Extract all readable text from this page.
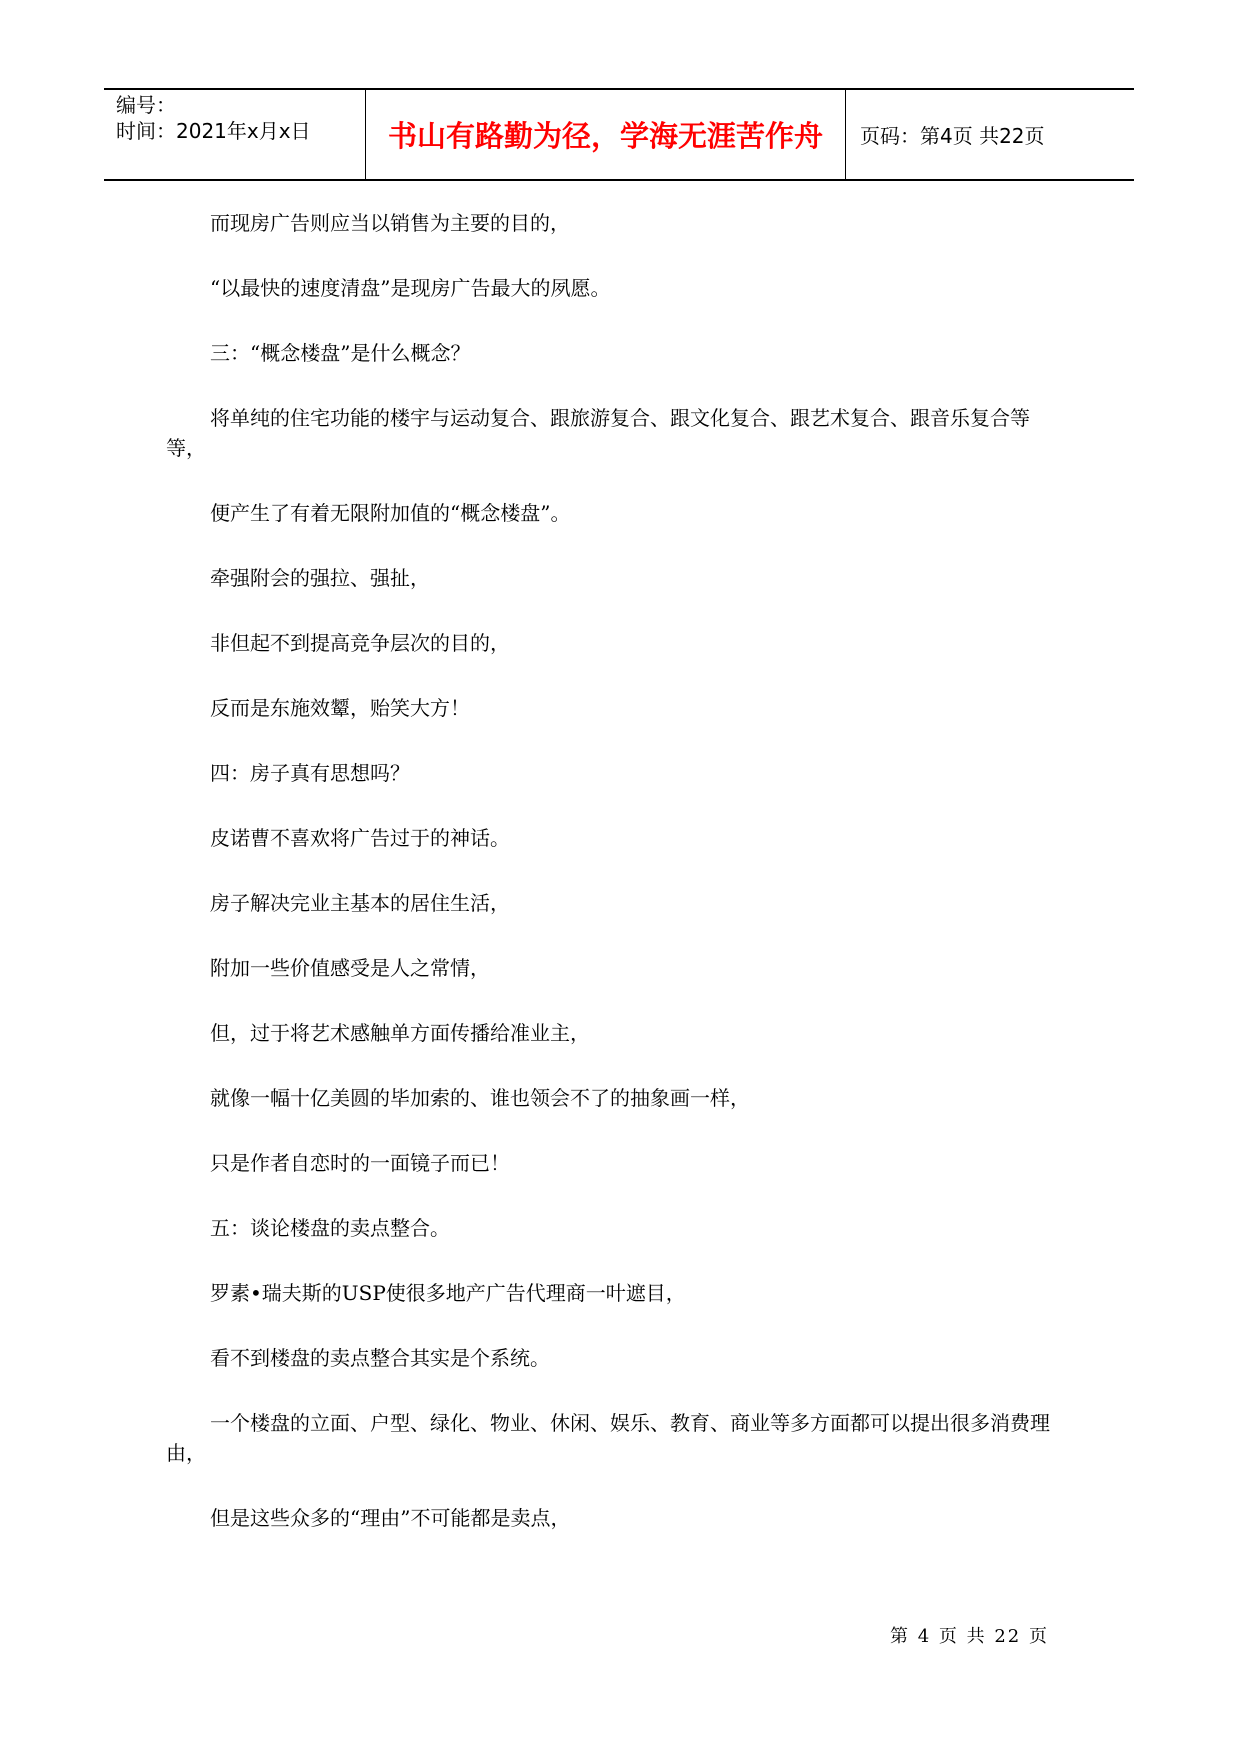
编号：
时间：2021年x月x日	书山有路勤为径，学海无涯苦作舟	页码：第4页 共22页

而现房广告则应当以销售为主要的目的，

“以最快的速度清盘”是现房广告最大的夙愿。

三：“概念楼盘”是什么概念？

将单纯的住宅功能的楼宇与运动复合、跟旅游复合、跟文化复合、跟艺术复合、跟音乐复合等等，

便产生了有着无限附加值的“概念楼盘”。

牵强附会的强拉、强扯，

非但起不到提高竞争层次的目的，

反而是东施效颦，贻笑大方！

四：房子真有思想吗？

皮诺曹不喜欢将广告过于的神话。

房子解决完业主基本的居住生活，

附加一些价值感受是人之常情，

但，过于将艺术感触单方面传播给准业主，

就像一幅十亿美圆的毕加索的、谁也领会不了的抽象画一样，

只是作者自恋时的一面镜子而已！

五：谈论楼盘的卖点整合。

罗素•瑞夫斯的USP使很多地产广告代理商一叶遮目，

看不到楼盘的卖点整合其实是个系统。

一个楼盘的立面、户型、绿化、物业、休闲、娱乐、教育、商业等多方面都可以提出很多消费理由，

但是这些众多的“理由”不可能都是卖点，

第 4 页 共 22 页
